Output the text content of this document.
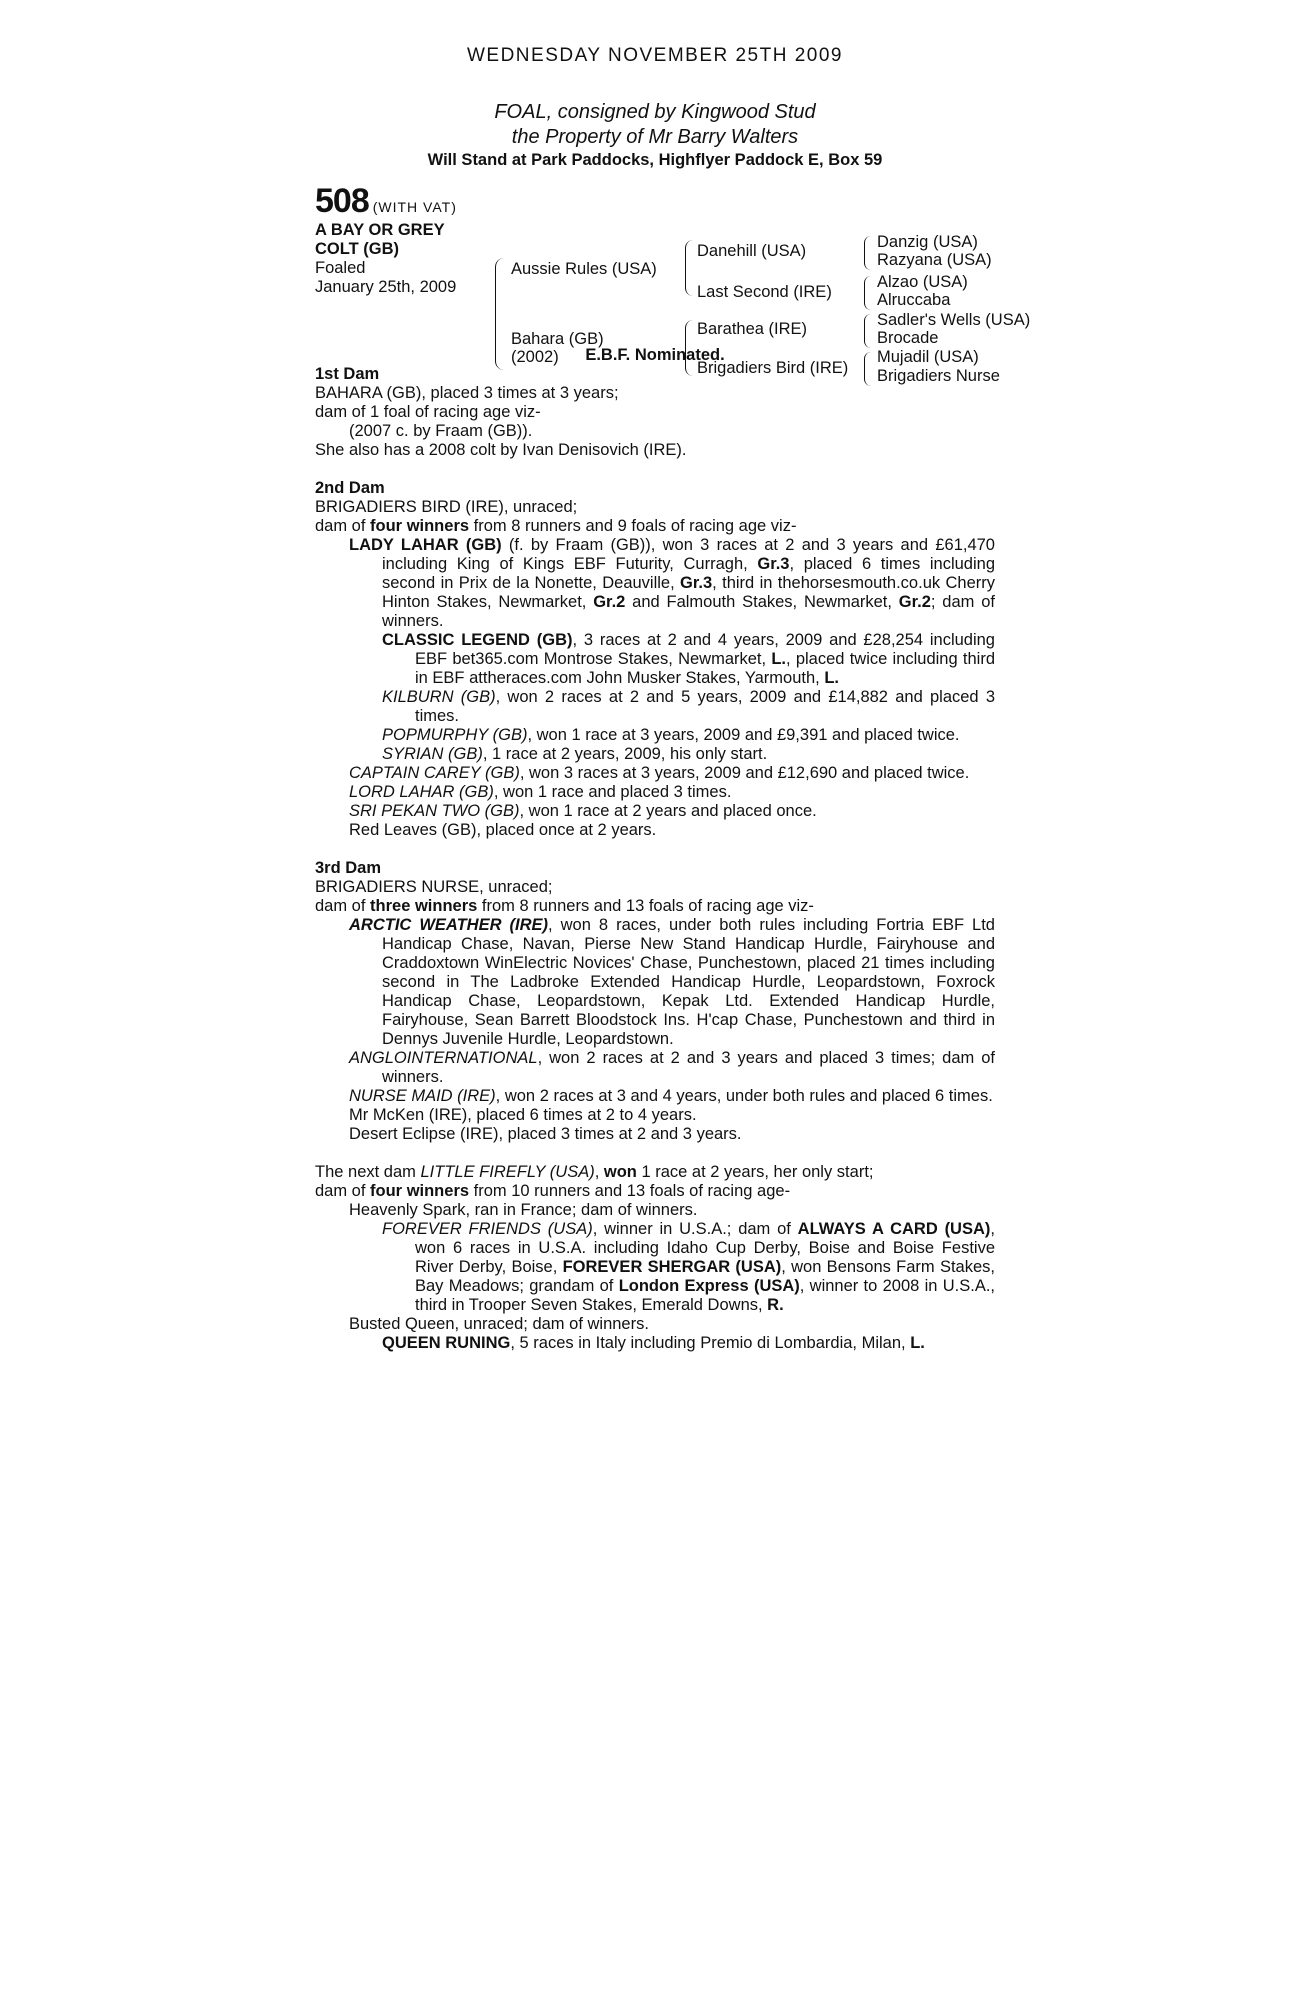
WEDNESDAY NOVEMBER 25TH 2009
FOAL, consigned by Kingwood Stud
the Property of Mr Barry Walters
Will Stand at Park Paddocks, Highflyer Paddock E, Box 59
508 (WITH VAT)
A BAY OR GREY
COLT (GB)
Foaled
January 25th, 2009
Aussie Rules (USA)
Bahara (GB)
(2002)
Danehill (USA)
Last Second (IRE)
Barathea (IRE)
Brigadiers Bird (IRE)
Danzig (USA)
Razyana (USA)
Alzao (USA)
Alruccaba
Sadler's Wells (USA)
Brocade
Mujadil (USA)
Brigadiers Nurse
E.B.F. Nominated.
1st Dam
BAHARA (GB), placed 3 times at 3 years;
dam of 1 foal of racing age viz-
(2007 c. by Fraam (GB)).
She also has a 2008 colt by Ivan Denisovich (IRE).
2nd Dam
BRIGADIERS BIRD (IRE), unraced;
dam of four winners from 8 runners and 9 foals of racing age viz-
LADY LAHAR (GB) (f. by Fraam (GB)), won 3 races at 2 and 3 years and £61,470 including King of Kings EBF Futurity, Curragh, Gr.3, placed 6 times including second in Prix de la Nonette, Deauville, Gr.3, third in thehorsesmouth.co.uk Cherry Hinton Stakes, Newmarket, Gr.2 and Falmouth Stakes, Newmarket, Gr.2; dam of winners.
CLASSIC LEGEND (GB), 3 races at 2 and 4 years, 2009 and £28,254 including EBF bet365.com Montrose Stakes, Newmarket, L., placed twice including third in EBF attheraces.com John Musker Stakes, Yarmouth, L.
KILBURN (GB), won 2 races at 2 and 5 years, 2009 and £14,882 and placed 3 times.
POPMURPHY (GB), won 1 race at 3 years, 2009 and £9,391 and placed twice.
SYRIAN (GB), 1 race at 2 years, 2009, his only start.
CAPTAIN CAREY (GB), won 3 races at 3 years, 2009 and £12,690 and placed twice.
LORD LAHAR (GB), won 1 race and placed 3 times.
SRI PEKAN TWO (GB), won 1 race at 2 years and placed once.
Red Leaves (GB), placed once at 2 years.
3rd Dam
BRIGADIERS NURSE, unraced;
dam of three winners from 8 runners and 13 foals of racing age viz-
ARCTIC WEATHER (IRE), won 8 races, under both rules including Fortria EBF Ltd Handicap Chase, Navan, Pierse New Stand Handicap Hurdle, Fairyhouse and Craddoxtown WinElectric Novices' Chase, Punchestown, placed 21 times including second in The Ladbroke Extended Handicap Hurdle, Leopardstown, Foxrock Handicap Chase, Leopardstown, Kepak Ltd. Extended Handicap Hurdle, Fairyhouse, Sean Barrett Bloodstock Ins. H'cap Chase, Punchestown and third in Dennys Juvenile Hurdle, Leopardstown.
ANGLOINTERNATIONAL, won 2 races at 2 and 3 years and placed 3 times; dam of winners.
NURSE MAID (IRE), won 2 races at 3 and 4 years, under both rules and placed 6 times.
Mr McKen (IRE), placed 6 times at 2 to 4 years.
Desert Eclipse (IRE), placed 3 times at 2 and 3 years.
The next dam LITTLE FIREFLY (USA), won 1 race at 2 years, her only start;
dam of four winners from 10 runners and 13 foals of racing age-
Heavenly Spark, ran in France; dam of winners.
FOREVER FRIENDS (USA), winner in U.S.A.; dam of ALWAYS A CARD (USA), won 6 races in U.S.A. including Idaho Cup Derby, Boise and Boise Festive River Derby, Boise, FOREVER SHERGAR (USA), won Bensons Farm Stakes, Bay Meadows; grandam of London Express (USA), winner to 2008 in U.S.A., third in Trooper Seven Stakes, Emerald Downs, R.
Busted Queen, unraced; dam of winners.
QUEEN RUNING, 5 races in Italy including Premio di Lombardia, Milan, L.
